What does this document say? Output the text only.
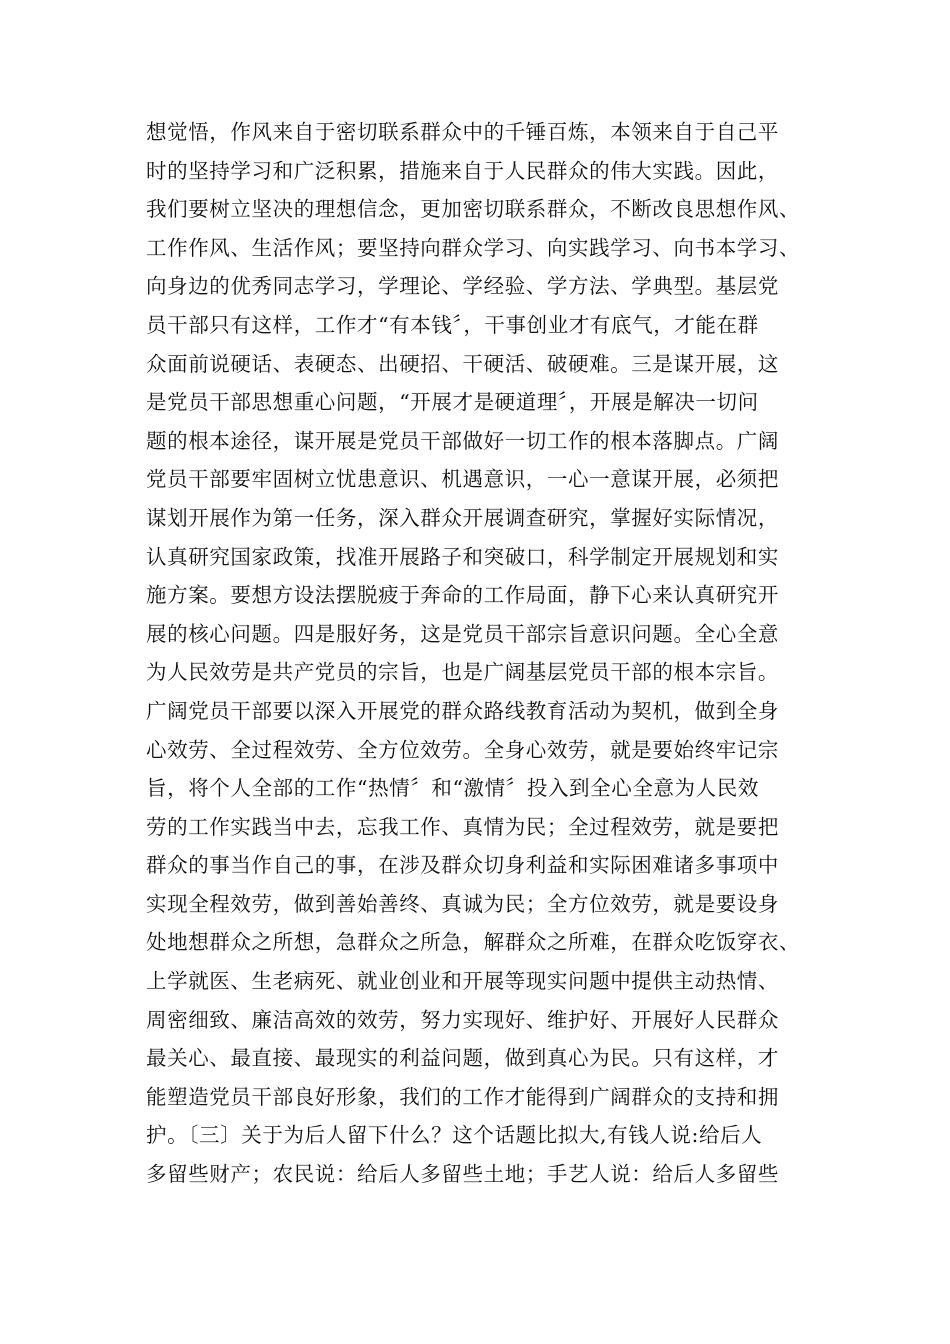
想觉悟，作风来自于密切联系群众中的千锤百炼，本领来自于自己平
时的坚持学习和广泛积累，措施来自于人民群众的伟大实践。因此，
我们要树立坚决的理想信念，更加密切联系群众，不断改良思想作风、
工作作风、生活作风；要坚持向群众学习、向实践学习、向书本学习、
向身边的优秀同志学习，学理论、学经验、学方法、学典型。基层党
员干部只有这样，工作才“有本钱〞，干事创业才有底气，才能在群
众面前说硬话、表硬态、出硬招、干硬活、破硬难。三是谋开展，这
是党员干部思想重心问题，“开展才是硬道理〞，开展是解决一切问
题的根本途径，谋开展是党员干部做好一切工作的根本落脚点。广阔
党员干部要牢固树立忧患意识、机遇意识，一心一意谋开展，必须把
谋划开展作为第一任务，深入群众开展调查研究，掌握好实际情况，
认真研究国家政策，找准开展路子和突破口，科学制定开展规划和实
施方案。要想方设法摆脱疲于奔命的工作局面，静下心来认真研究开
展的核心问题。四是服好务，这是党员干部宗旨意识问题。全心全意
为人民效劳是共产党员的宗旨，也是广阔基层党员干部的根本宗旨。
广阔党员干部要以深入开展党的群众路线教育活动为契机，做到全身
心效劳、全过程效劳、全方位效劳。全身心效劳，就是要始终牢记宗
旨，将个人全部的工作“热情〞和“激情〞投入到全心全意为人民效
劳的工作实践当中去，忘我工作、真情为民；全过程效劳，就是要把
群众的事当作自己的事，在涉及群众切身利益和实际困难诸多事项中
实现全程效劳，做到善始善终、真诚为民；全方位效劳，就是要设身
处地想群众之所想，急群众之所急，解群众之所难，在群众吃饭穿衣、
上学就医、生老病死、就业创业和开展等现实问题中提供主动热情、
周密细致、廉洁高效的效劳，努力实现好、维护好、开展好人民群众
最关心、最直接、最现实的利益问题，做到真心为民。只有这样，才
能塑造党员干部良好形象，我们的工作才能得到广阔群众的支持和拥
护。〔三〕关于为后人留下什么？这个话题比拟大,有钱人说:给后人
多留些财产；农民说：给后人多留些土地；手艺人说：给后人多留些
